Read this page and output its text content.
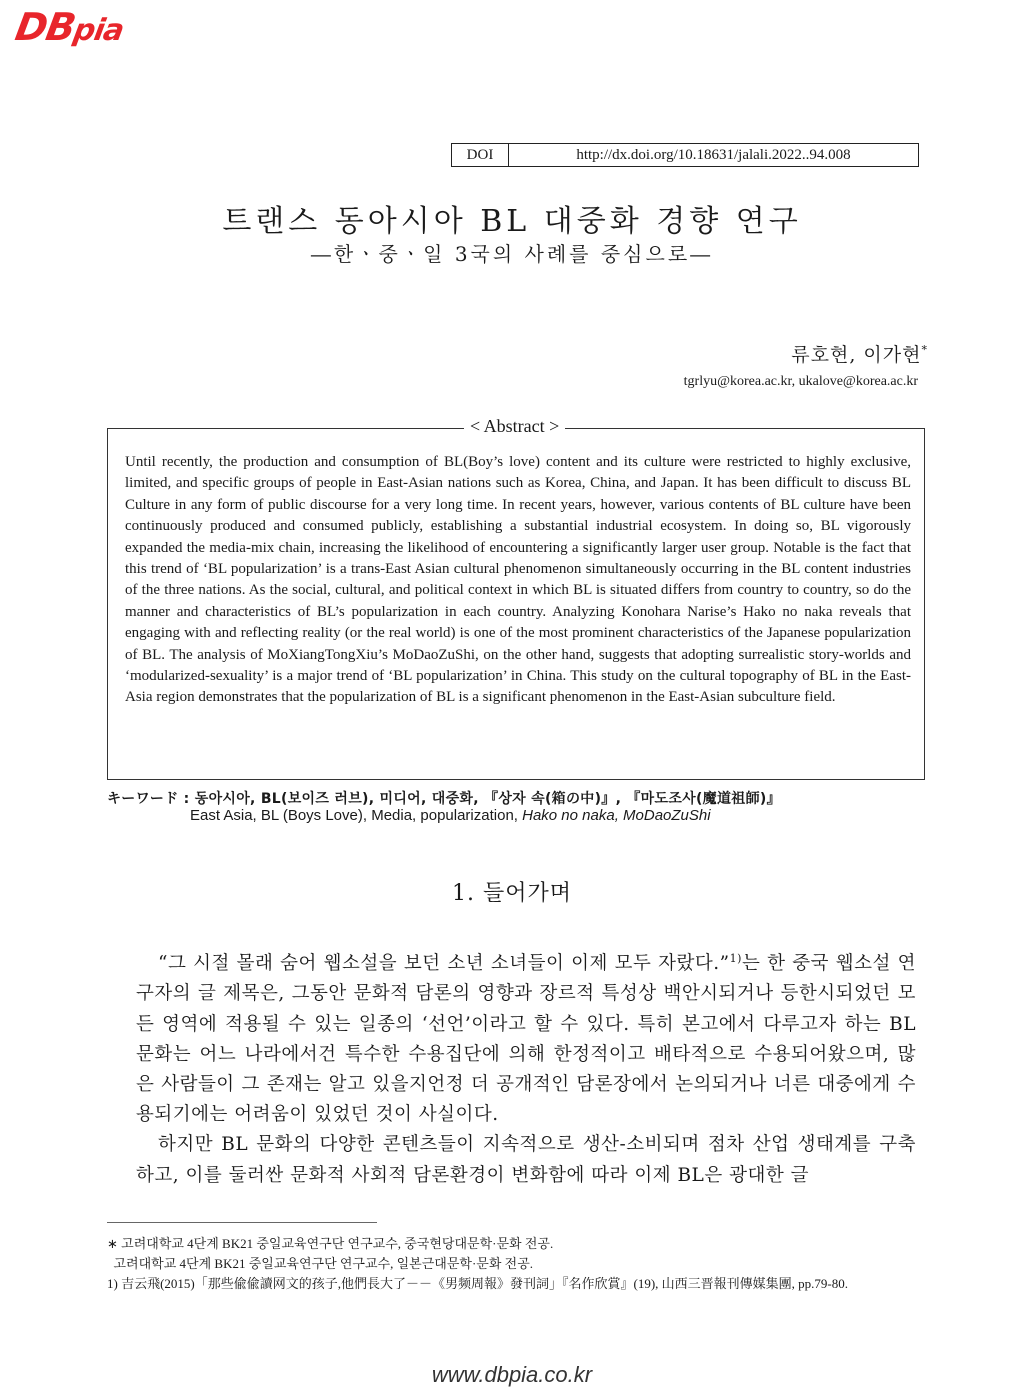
DBpia
DOI	http://dx.doi.org/10.18631/jalali.2022..94.008
트랜스 동아시아 BL 대중화 경향 연구
―한ㆍ중ㆍ일 3국의 사례를 중심으로―
류호현, 이가현*
tgrlyu@korea.ac.kr, ukalove@korea.ac.kr
< Abstract >
Until recently, the production and consumption of BL(Boy’s love) content and its culture were restricted to highly exclusive, limited, and specific groups of people in East-Asian nations such as Korea, China, and Japan. It has been difficult to discuss BL Culture in any form of public discourse for a very long time. In recent years, however, various contents of BL culture have been continuously produced and consumed publicly, establishing a substantial industrial ecosystem. In doing so, BL vigorously expanded the media-mix chain, increasing the likelihood of encountering a significantly larger user group. Notable is the fact that this trend of ‘BL popularization’ is a trans-East Asian cultural phenomenon simultaneously occurring in the BL content industries of the three nations. As the social, cultural, and political context in which BL is situated differs from country to country, so do the manner and characteristics of BL’s popularization in each country. Analyzing Konohara Narise’s Hako no naka reveals that engaging with and reflecting reality (or the real world) is one of the most prominent characteristics of the Japanese popularization of BL. The analysis of MoXiangTongXiu’s MoDaoZuShi, on the other hand, suggests that adopting surrealistic story-worlds and ‘modularized-sexuality’ is a major trend of ‘BL popularization’ in China. This study on the cultural topography of BL in the East-Asia region demonstrates that the popularization of BL is a significant phenomenon in the East-Asian subculture field.
キーワード : 동아시아, BL(보이즈 러브), 미디어, 대중화, 『상자 속(箱の中)』, 『마도조사(魔道祖師)』
East Asia, BL (Boys Love), Media, popularization, Hako no naka, MoDaoZuShi
1. 들어가며

“그 시절 몰래 숨어 웹소설을 보던 소년 소녀들이 이제 모두 자랐다.”$^{1)}$는 한 중국 웹소설 연구자의 글 제목은, 그동안 문화적 담론의 영향과 장르적 특성상 백안시되거나 등한시되었던 모든 영역에 적용될 수 있는 일종의 ‘선언’이라고 할 수 있다. 특히 본고에서 다루고자 하는 BL 문화는 어느 나라에서건 특수한 수용집단에 의해 한정적이고 배타적으로 수용되어왔으며, 많은 사람들이 그 존재는 알고 있을지언정 더 공개적인 담론장에서 논의되거나 너른 대중에게 수용되기에는 어려움이 있었던 것이 사실이다.

하지만 BL 문화의 다양한 콘텐츠들이 지속적으로 생산-소비되며 점차 산업 생태계를 구축하고, 이를 둘러싼 문화적 사회적 담론환경이 변화함에 따라 이제 BL은 광대한 글

∗ 고려대학교 4단계 BK21 중일교육연구단 연구교수, 중국현당대문학·문화 전공.
고려대학교 4단계 BK21 중일교육연구단 연구교수, 일본근대문학·문화 전공.
1) 吉云飛(2015)「那些偸偸讀网文的孩子,他們長大了－－《男频周報》發刊詞」『名作欣賞』(19), 山西三晋報刊傳媒集團, pp.79-80.
www.dbpia.co.kr
